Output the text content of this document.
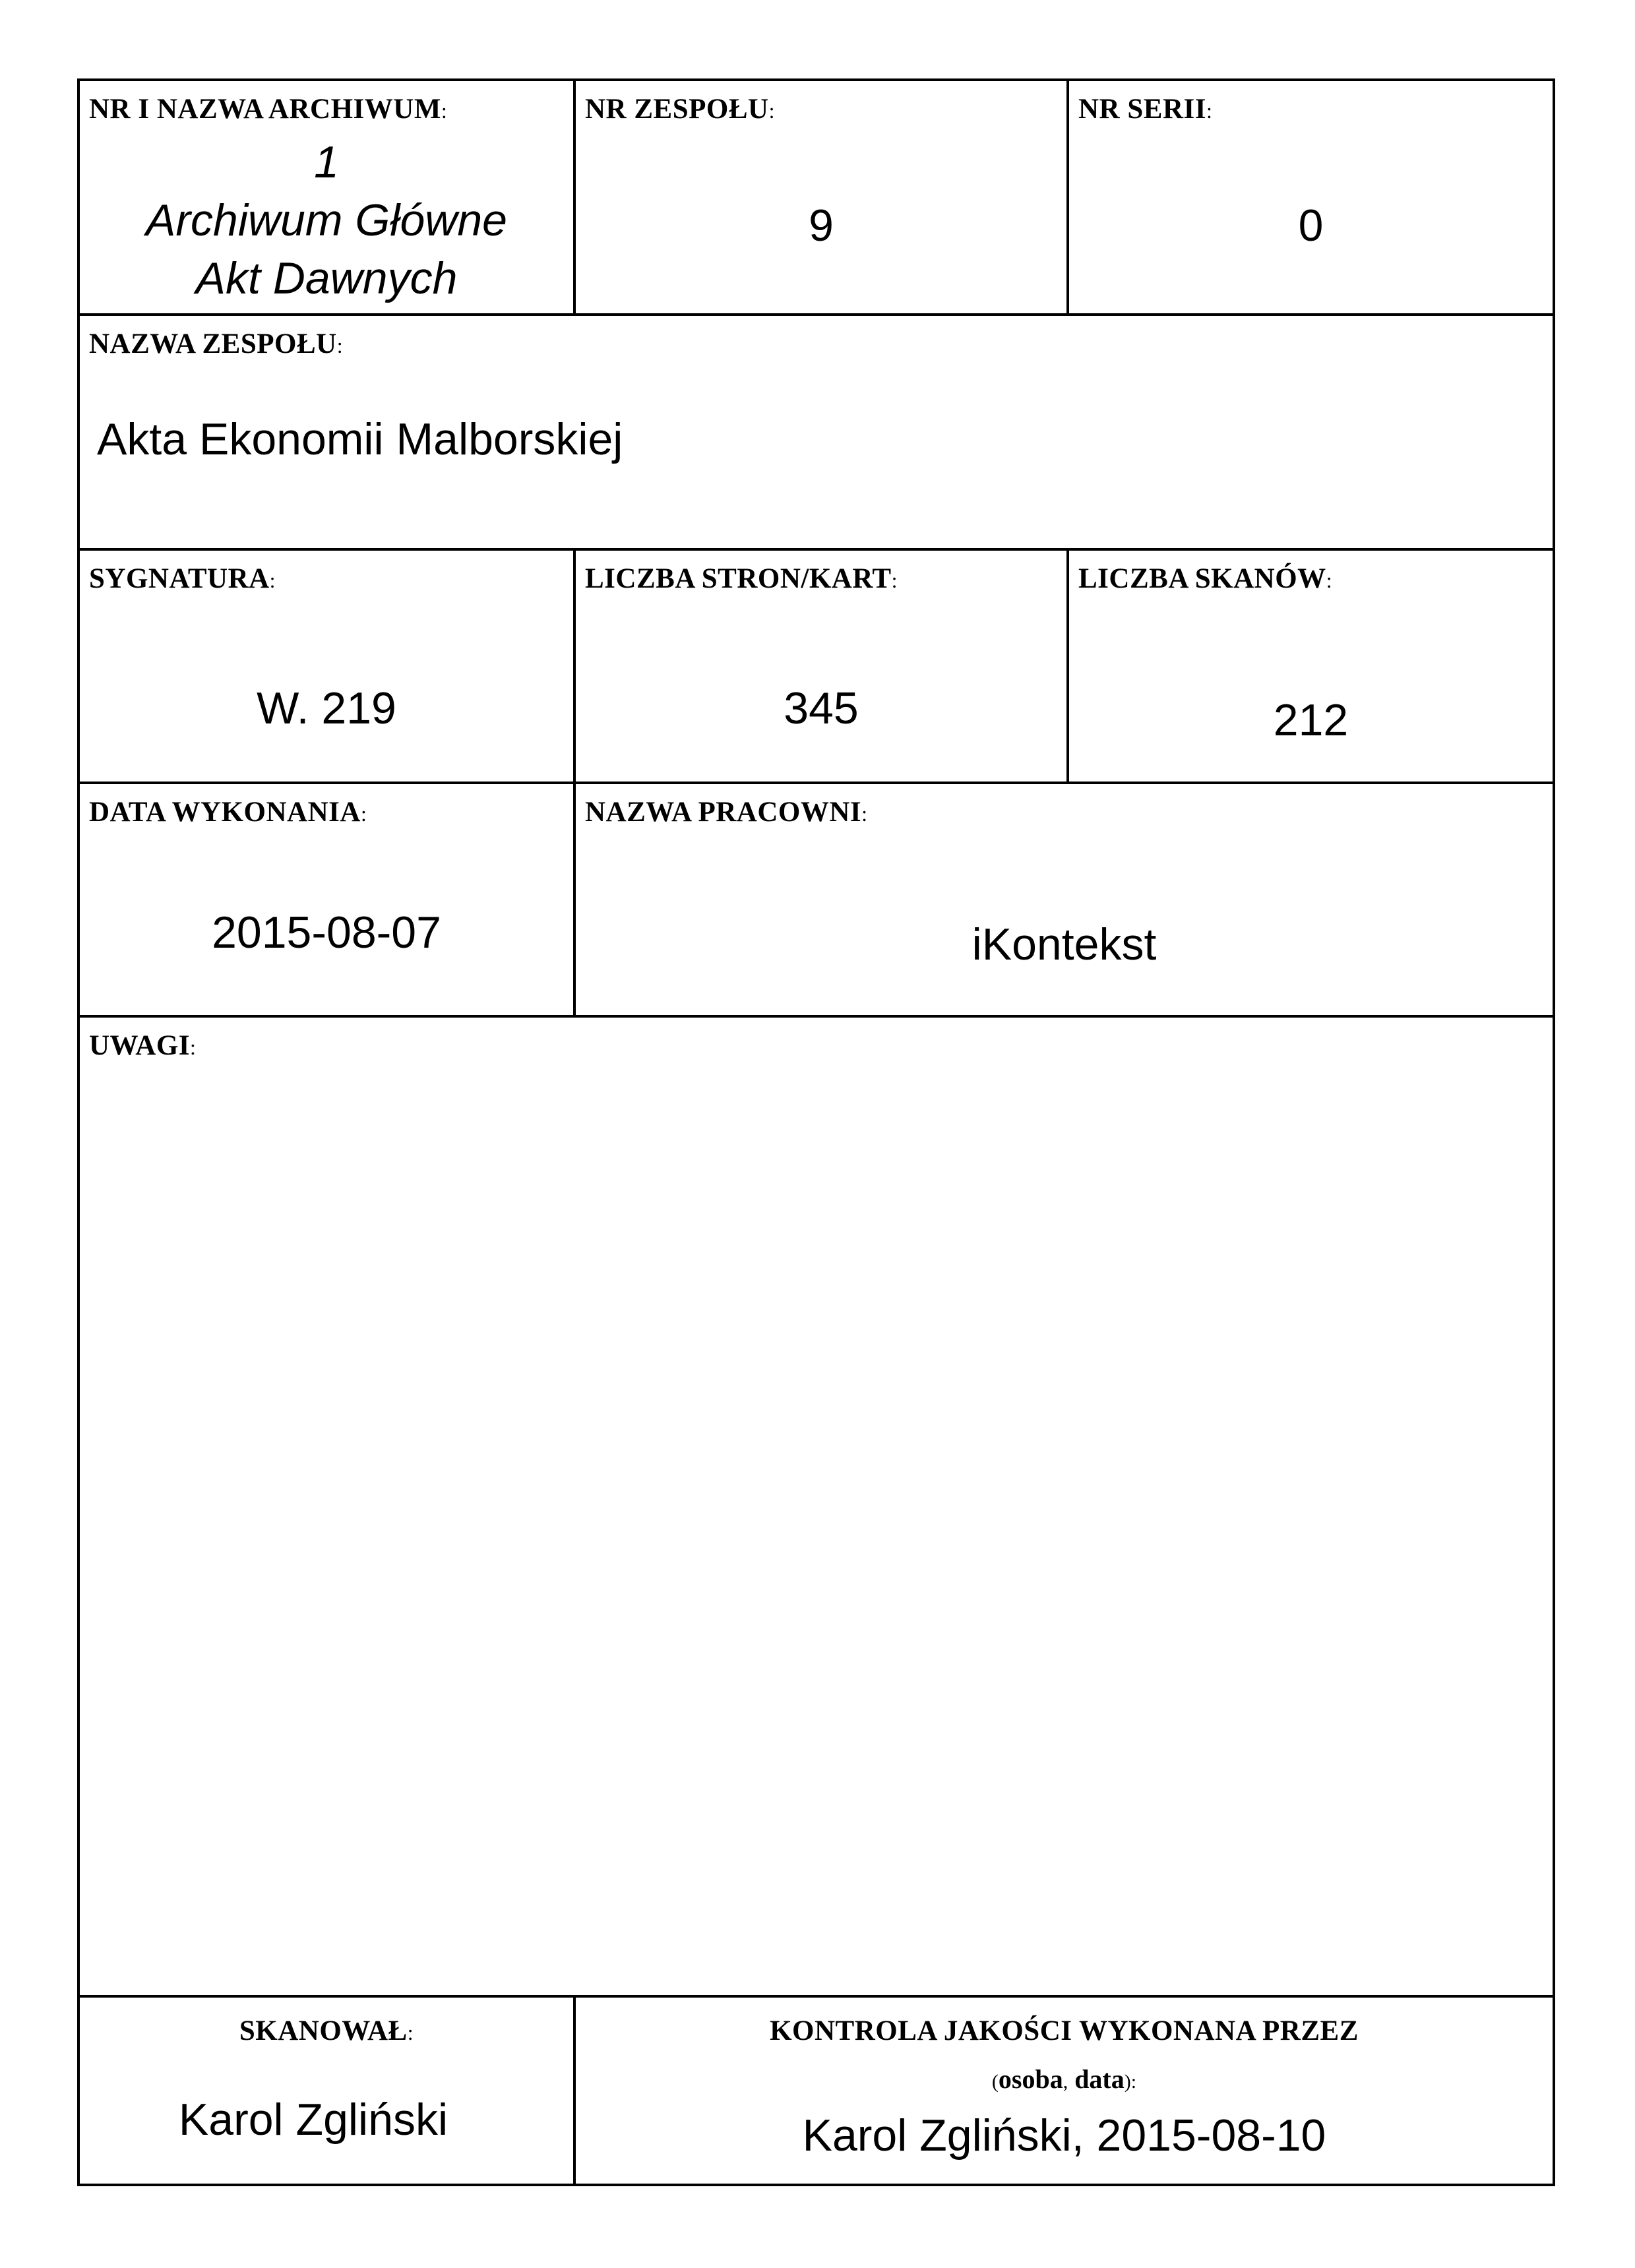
NR I NAZWA ARCHIWUM:
1
Archiwum Główne
Akt Dawnych
NR ZESPOŁU:
9
NR SERII:
0
NAZWA ZESPOŁU:
Akta Ekonomii Malborskiej
SYGNATURA:
W. 219
LICZBA STRON/KART:
345
LICZBA SKANÓW:
212
DATA WYKONANIA:
2015-08-07
NAZWA PRACOWNI:
iKontekst
UWAGI:
SKANOWAŁ:
Karol Zgliński
KONTROLA JAKOŚCI WYKONANA PRZEZ
(osoba, data):
Karol Zgliński, 2015-08-10
